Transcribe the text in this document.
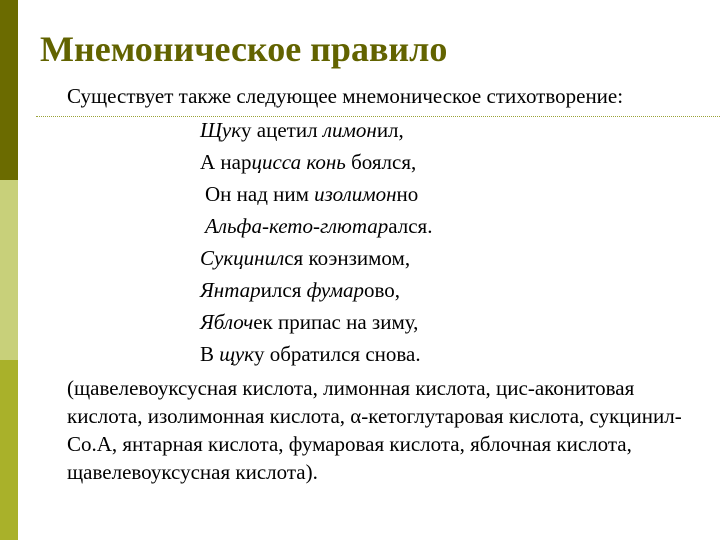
Мнемоническое правило
Существует также следующее мнемоническое стихотворение:
Щуку ацетил лимонил,
А нарцисса конь боялся,
Он над ним изолимонно
Альфа-кето-глютарался.
Сукцинился коэнзимом,
Янтарился фумарово,
Яблочек припас на зиму,
В щуку обратился снова.
(щавелевоуксусная кислота, лимонная кислота, цис-аконитовая кислота, изолимонная кислота, α-кетоглутаровая кислота, сукцинил-Со.А, янтарная кислота, фумаровая кислота, яблочная кислота, щавелевоуксусная кислота).
